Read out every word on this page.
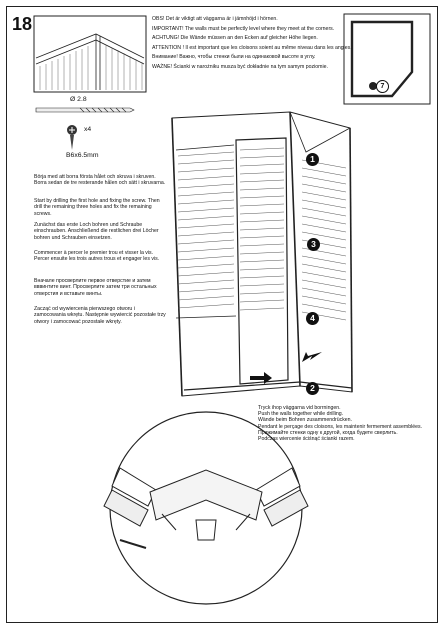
18	OBS! Det är viktigt att väggarna är i jämnhöjd i hörnen.

IMPORTANT! The walls must be perfectly level where they meet at the corners.

ACHTUNG! Die Wände müssen an den Ecken auf gleicher Höhe liegen.

ATTENTION ! Il est important que les cloisons soient au même niveau dans les angles.

Внимание! Важно, чтобы стенки были на одинаковой высоте в углу.

WAŻNE! Ścianki w narożniku musza być dokładnie na tym samym poziomie.

Ø 2.8
x4
B6x6.5mm
Börja med att borra första hålet och skruva i skruven. Borra sedan de tre resterande hålen och sätt i skruvarna.
Start by drilling the first hole and fixing the screw. Then drill the remaining three holes and fix the remaining screws.
Zunächst das erste Loch bohren und Schraube einschrauben. Anschließend die restlichen drei Löcher bohren und Schrauben einsetzen.
Commencer à percer le premier trou et visser la vis. Percer ensuite les trois autres trous et engager les vis.
Вначале просверлите первое отверстие и затем вввинтите винт. Просверлите затем три остальных отверстия и вставьте винты.
Zacząć od wywiercenia pierwszego otworu i zamocowania wkrętu. Następnie wywiercić pozostałe trzy otwory i zamocować pozostałe wkręty.
1
2
3
4
7
Tryck ihop väggarna vid borrningen.
Push the walls together while drilling.
Wände beim Bohren zusammendrücken.
Pendant le perçage des cloisons, les maintenir fermement assemblées.
Прижимайте стенки одну к другой, когда будете сверлить.
Podczas wiercenie ściśnąć ścianki razem.
